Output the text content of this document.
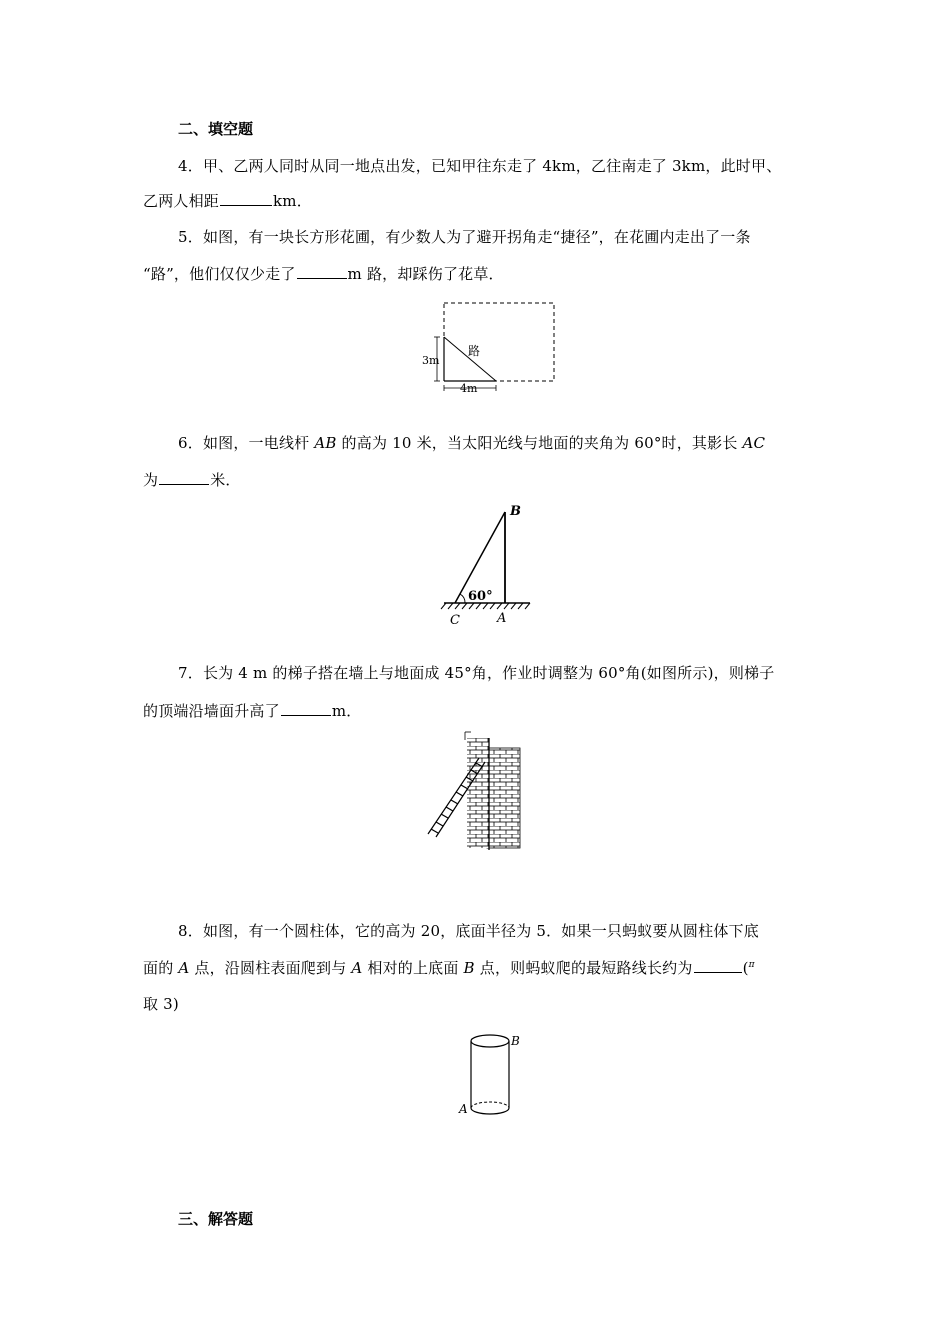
二、填空题
4．甲、乙两人同时从同一地点出发，已知甲往东走了 4km，乙往南走了 3km，此时甲、
乙两人相距	km．
5．如图，有一块长方形花圃，有少数人为了避开拐角走“捷径”，在花圃内走出了一条
“路”，他们仅仅少走了	m 路，却踩伤了花草．
路
3m
4m
6．如图，一电线杆 AB 的高为 10 米，当太阳光线与地面的夹角为 60°时，其影长 AC
为	米．
60°
B
A
C
7．长为 4 m 的梯子搭在墙上与地面成 45°角，作业时调整为 60°角(如图所示)，则梯子
的顶端沿墙面升高了	m．
8．如图，有一个圆柱体，它的高为 20，底面半径为 5．如果一只蚂蚁要从圆柱体下底
面的 A 点，沿圆柱表面爬到与 A 相对的上底面 B 点，则蚂蚁爬的最短路线长约为	($^\pi$
取 3)
B
A
三、解答题
